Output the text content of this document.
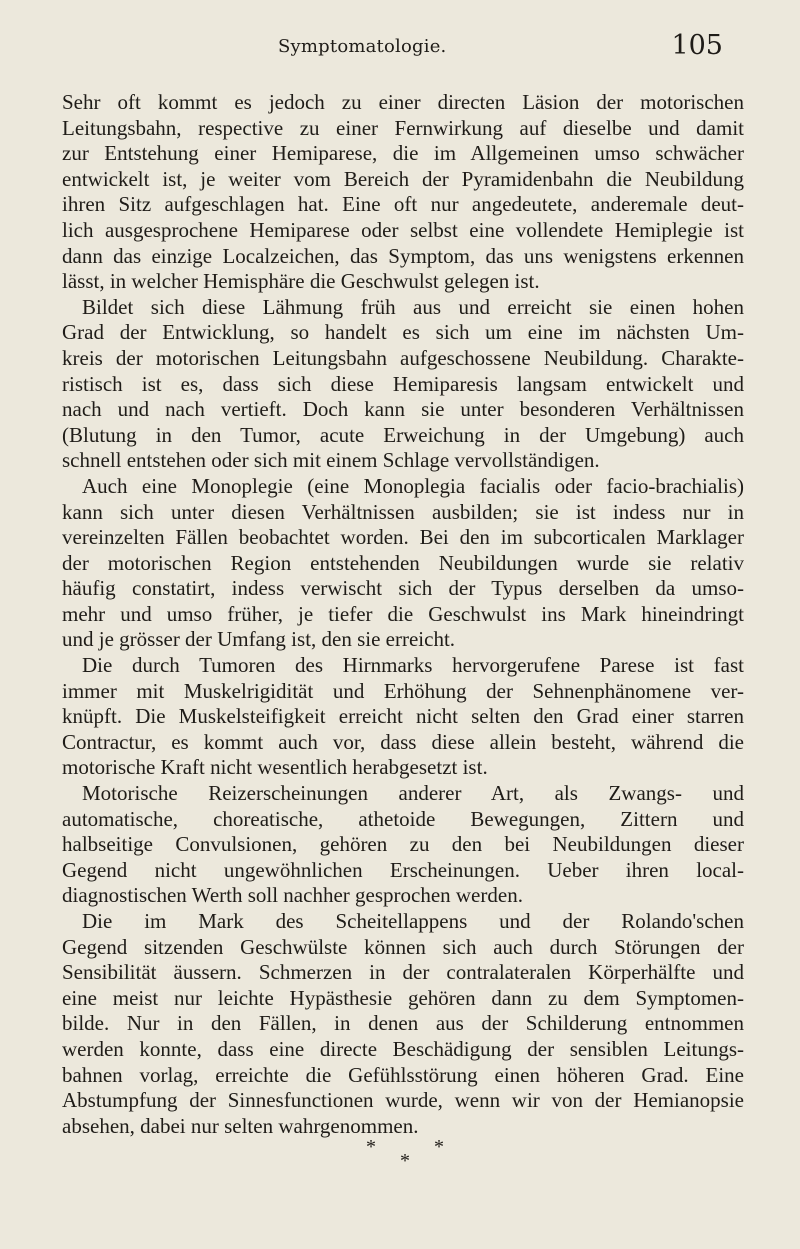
Symptomatologie.	105
Sehr oft kommt es jedoch zu einer directen Läsion der motorischen
Leitungsbahn, respective zu einer Fernwirkung auf dieselbe und damit
zur Entstehung einer Hemiparese, die im Allgemeinen umso schwächer
entwickelt ist, je weiter vom Bereich der Pyramidenbahn die Neubildung
ihren Sitz aufgeschlagen hat. Eine oft nur angedeutete, anderemale deut-
lich ausgesprochene Hemiparese oder selbst eine vollendete Hemiplegie ist
dann das einzige Localzeichen, das Symptom, das uns wenigstens erkennen
lässt, in welcher Hemisphäre die Geschwulst gelegen ist.
Bildet sich diese Lähmung früh aus und erreicht sie einen hohen
Grad der Entwicklung, so handelt es sich um eine im nächsten Um-
kreis der motorischen Leitungsbahn aufgeschossene Neubildung. Charakte-
ristisch ist es, dass sich diese Hemiparesis langsam entwickelt und
nach und nach vertieft. Doch kann sie unter besonderen Verhältnissen
(Blutung in den Tumor, acute Erweichung in der Umgebung) auch
schnell entstehen oder sich mit einem Schlage vervollständigen.
Auch eine Monoplegie (eine Monoplegia facialis oder facio-brachialis)
kann sich unter diesen Verhältnissen ausbilden; sie ist indess nur in
vereinzelten Fällen beobachtet worden. Bei den im subcorticalen Marklager
der motorischen Region entstehenden Neubildungen wurde sie relativ
häufig constatirt, indess verwischt sich der Typus derselben da umso-
mehr und umso früher, je tiefer die Geschwulst ins Mark hineindringt
und je grösser der Umfang ist, den sie erreicht.
Die durch Tumoren des Hirnmarks hervorgerufene Parese ist fast
immer mit Muskelrigidität und Erhöhung der Sehnenphänomene ver-
knüpft. Die Muskelsteifigkeit erreicht nicht selten den Grad einer starren
Contractur, es kommt auch vor, dass diese allein besteht, während die
motorische Kraft nicht wesentlich herabgesetzt ist.
Motorische Reizerscheinungen anderer Art, als Zwangs- und
automatische, choreatische, athetoide Bewegungen, Zittern und
halbseitige Convulsionen, gehören zu den bei Neubildungen dieser
Gegend nicht ungewöhnlichen Erscheinungen. Ueber ihren local-
diagnostischen Werth soll nachher gesprochen werden.
Die im Mark des Scheitellappens und der Rolando'schen
Gegend sitzenden Geschwülste können sich auch durch Störungen der
Sensibilität äussern. Schmerzen in der contralateralen Körperhälfte und
eine meist nur leichte Hypästhesie gehören dann zu dem Symptomen-
bilde. Nur in den Fällen, in denen aus der Schilderung entnommen
werden konnte, dass eine directe Beschädigung der sensiblen Leitungs-
bahnen vorlag, erreichte die Gefühlsstörung einen höheren Grad. Eine
Abstumpfung der Sinnesfunctionen wurde, wenn wir von der Hemianopsie
absehen, dabei nur selten wahrgenommen.
*	*
*
